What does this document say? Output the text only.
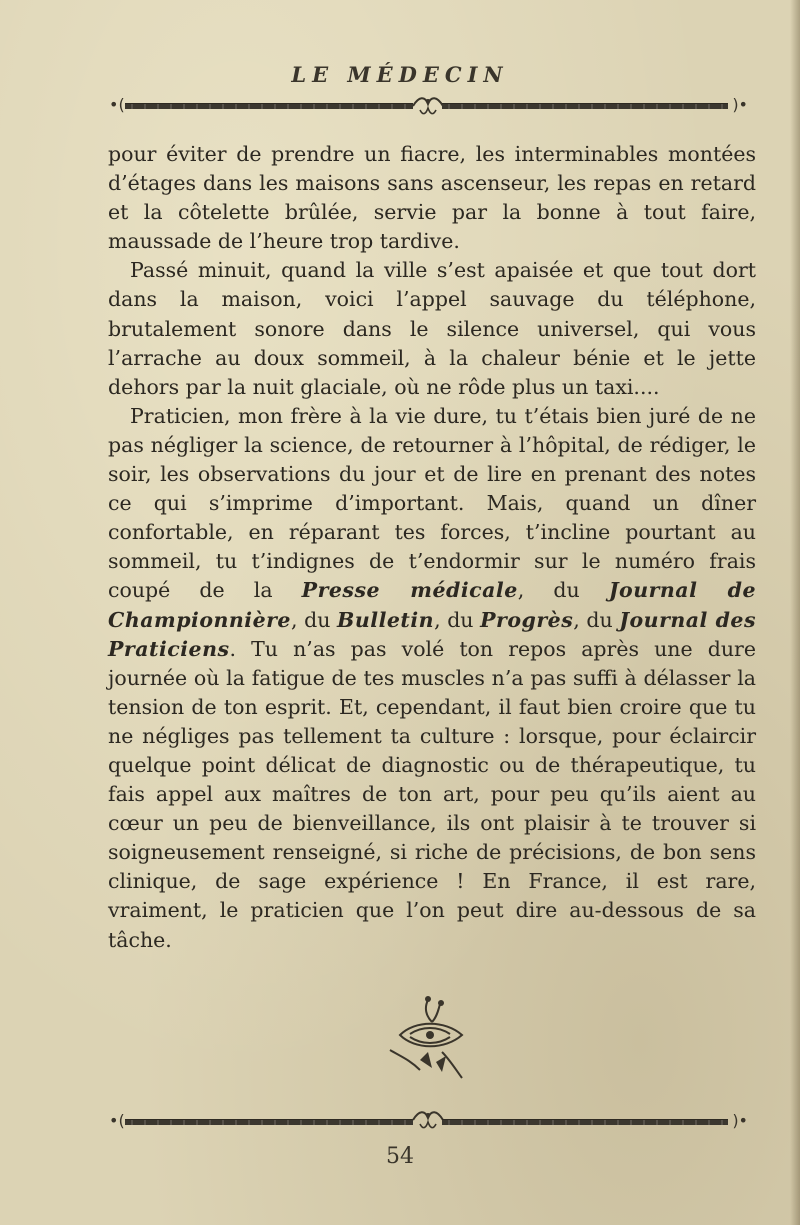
LE MÉDECIN
•(	)•

pour éviter de prendre un fiacre, les interminables montées d’étages dans les maisons sans ascenseur, les repas en retard et la côtelette brûlée, servie par la bonne à tout faire, maussade de l’heure trop tardive.

Passé minuit, quand la ville s’est apaisée et que tout dort dans la maison, voici l’appel sauvage du téléphone, brutalement sonore dans le silence universel, qui vous l’arrache au doux sommeil, à la chaleur bénie et le jette dehors par la nuit glaciale, où ne rôde plus un taxi....

Praticien, mon frère à la vie dure, tu t’étais bien juré de ne pas négliger la science, de retourner à l’hôpital, de rédiger, le soir, les observations du jour et de lire en prenant des notes ce qui s’imprime d’important. Mais, quand un dîner confortable, en réparant tes forces, t’incline pourtant au sommeil, tu t’indignes de t’endormir sur le numéro frais coupé de la Presse médicale, du Journal de Championnière, du Bulletin, du Progrès, du Journal des Praticiens. Tu n’as pas volé ton repos après une dure journée où la fatigue de tes muscles n’a pas suffi à délasser la tension de ton esprit. Et, cependant, il faut bien croire que tu ne négliges pas tellement ta culture : lorsque, pour éclaircir quelque point délicat de diagnostic ou de thérapeutique, tu fais appel aux maîtres de ton art, pour peu qu’ils aient au cœur un peu de bienveillance, ils ont plaisir à te trouver si soigneusement renseigné, si riche de précisions, de bon sens clinique, de sage expérience ! En France, il est rare, vraiment, le praticien que l’on peut dire au-dessous de sa tâche.

•(	)•
54
